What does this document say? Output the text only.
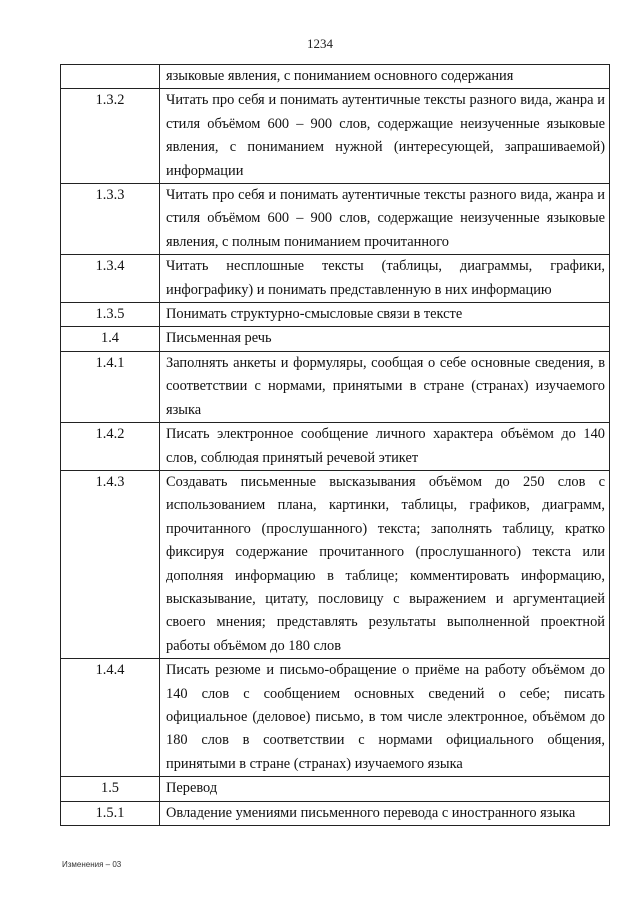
1234
	языковые явления, с пониманием основного содержания
1.3.2	Читать про себя и понимать аутентичные тексты разного вида, жанра и стиля объёмом 600 – 900 слов, содержащие неизученные языковые явления, с пониманием нужной (интересующей, запрашиваемой) информации
1.3.3	Читать про себя и понимать аутентичные тексты разного вида, жанра и стиля объёмом 600 – 900 слов, содержащие неизученные языковые явления, с полным пониманием прочитанного
1.3.4	Читать несплошные тексты (таблицы, диаграммы, графики, инфографику) и понимать представленную в них информацию
1.3.5	Понимать структурно-смысловые связи в тексте
1.4	Письменная речь
1.4.1	Заполнять анкеты и формуляры, сообщая о себе основные сведения, в соответствии с нормами, принятыми в стране (странах) изучаемого языка
1.4.2	Писать электронное сообщение личного характера объёмом до 140 слов, соблюдая принятый речевой этикет
1.4.3	Создавать письменные высказывания объёмом до 250 слов с использованием плана, картинки, таблицы, графиков, диаграмм, прочитанного (прослушанного) текста; заполнять таблицу, кратко фиксируя содержание прочитанного (прослушанного) текста или дополняя информацию в таблице; комментировать информацию, высказывание, цитату, пословицу с выражением и аргументацией своего мнения; представлять результаты выполненной проектной работы объёмом до 180 слов
1.4.4	Писать резюме и письмо-обращение о приёме на работу объёмом до 140 слов с сообщением основных сведений о себе; писать официальное (деловое) письмо, в том числе электронное, объёмом до 180 слов в соответствии с нормами официального общения, принятыми в стране (странах) изучаемого языка
1.5	Перевод
1.5.1	Овладение умениями письменного перевода с иностранного языка
Изменения – 03
